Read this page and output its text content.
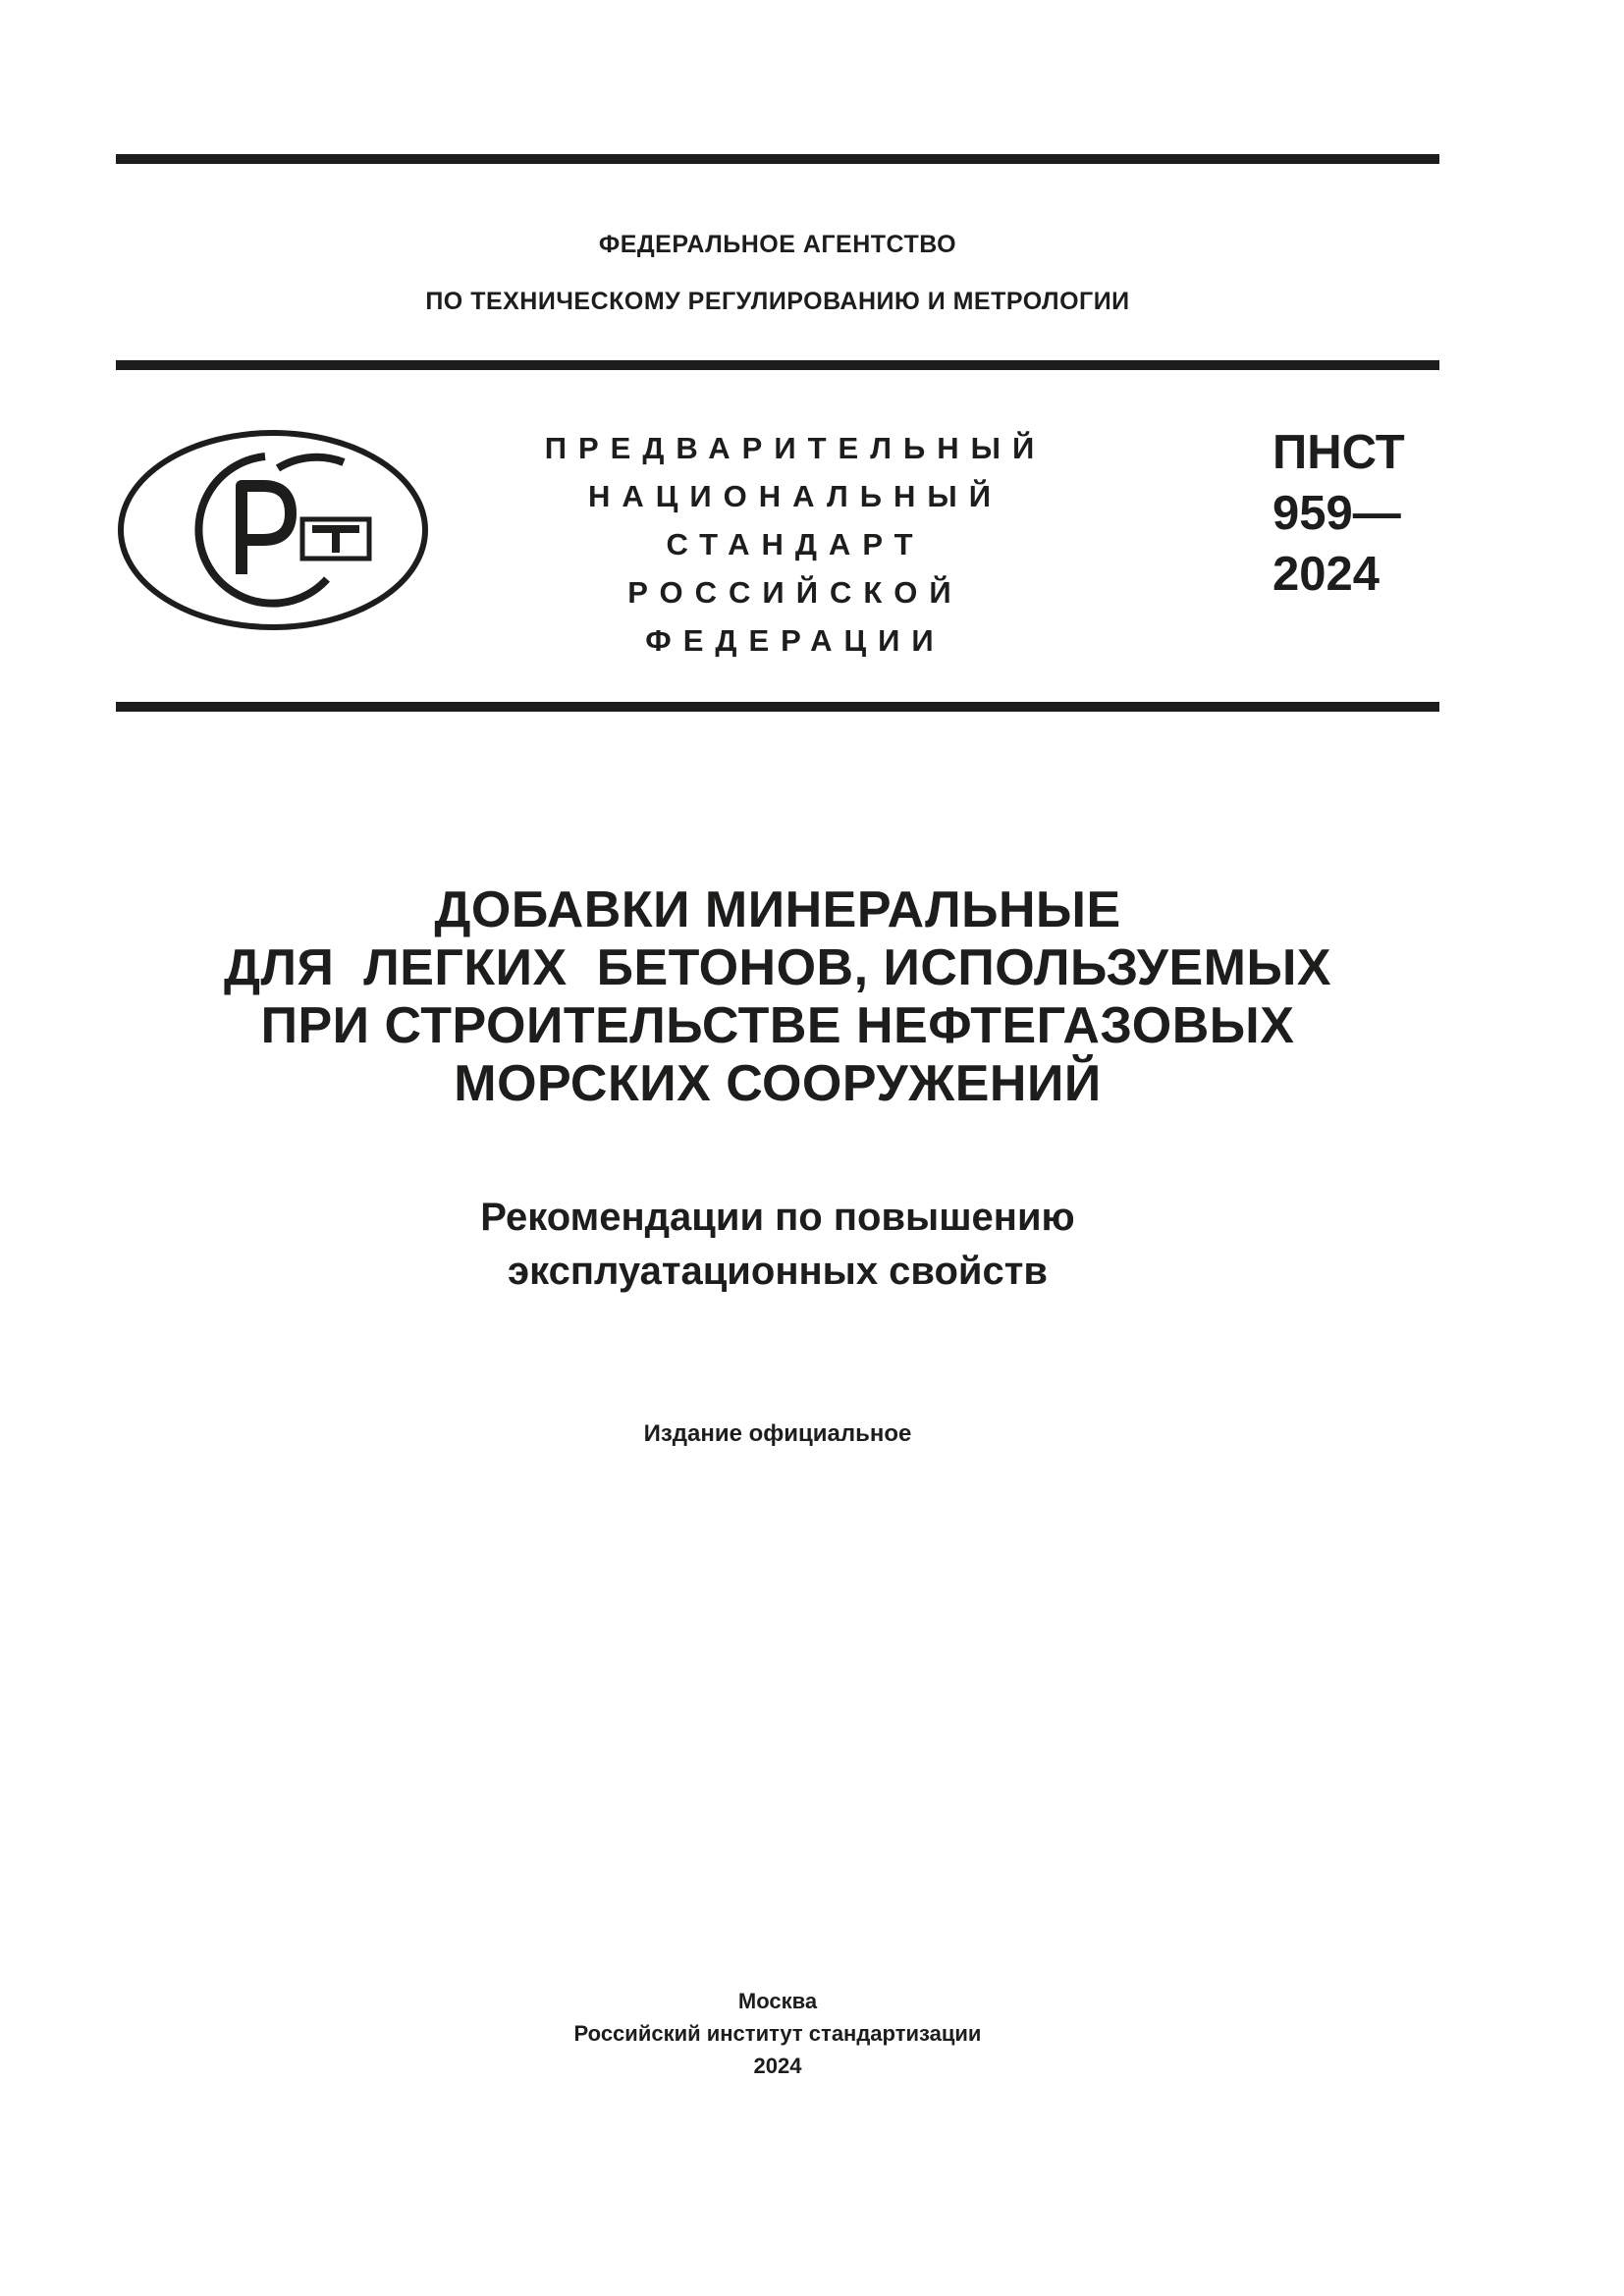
ФЕДЕРАЛЬНОЕ АГЕНТСТВО
ПО ТЕХНИЧЕСКОМУ РЕГУЛИРОВАНИЮ И МЕТРОЛОГИИ
ПРЕДВАРИТЕЛЬНЫЙ
НАЦИОНАЛЬНЫЙ
СТАНДАРТ
РОССИЙСКОЙ
ФЕДЕРАЦИИ
ПНСТ
959—
2024
ДОБАВКИ МИНЕРАЛЬНЫЕ
ДЛЯ  ЛЕГКИХ  БЕТОНОВ, ИСПОЛЬЗУЕМЫХ
ПРИ СТРОИТЕЛЬСТВЕ НЕФТЕГАЗОВЫХ
МОРСКИХ СООРУЖЕНИЙ
Рекомендации по повышению
эксплуатационных свойств
Издание официальное
Москва
Российский институт стандартизации
2024
